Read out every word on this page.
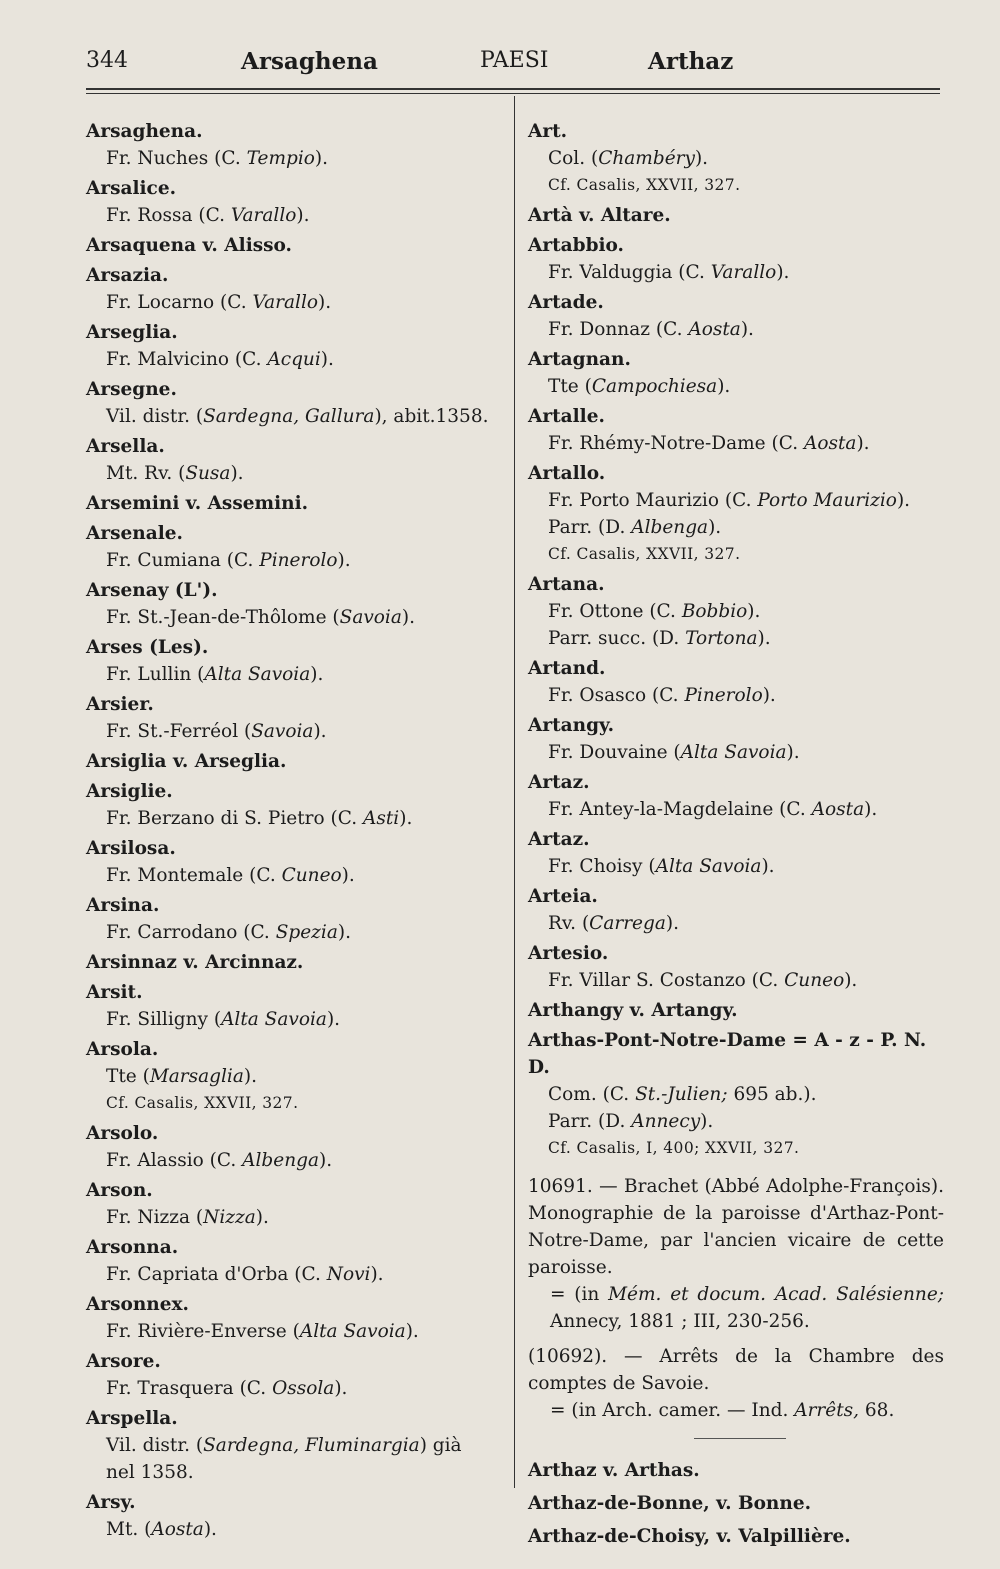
344	Arsaghena	PAESI	Arthaz
Arsaghena.
Fr. Nuches (C. Tempio).
Arsalice.
Fr. Rossa (C. Varallo).
Arsaquena v. Alisso.
Arsazia.
Fr. Locarno (C. Varallo).
Arseglia.
Fr. Malvicino (C. Acqui).
Arsegne.
Vil. distr. (Sardegna, Gallura), abit.1358.
Arsella.
Mt. Rv. (Susa).
Arsemini v. Assemini.
Arsenale.
Fr. Cumiana (C. Pinerolo).
Arsenay (L').
Fr. St.-Jean-de-Thôlome (Savoia).
Arses (Les).
Fr. Lullin (Alta Savoia).
Arsier.
Fr. St.-Ferréol (Savoia).
Arsiglia v. Arseglia.
Arsiglie.
Fr. Berzano di S. Pietro (C. Asti).
Arsilosa.
Fr. Montemale (C. Cuneo).
Arsina.
Fr. Carrodano (C. Spezia).
Arsinnaz v. Arcinnaz.
Arsit.
Fr. Silligny (Alta Savoia).
Arsola.
Tte (Marsaglia).
Cf. Casalis, XXVII, 327.
Arsolo.
Fr. Alassio (C. Albenga).
Arson.
Fr. Nizza (Nizza).
Arsonna.
Fr. Capriata d'Orba (C. Novi).
Arsonnex.
Fr. Rivière-Enverse (Alta Savoia).
Arsore.
Fr. Trasquera (C. Ossola).
Arspella.
Vil. distr. (Sardegna, Fluminargia) già
nel 1358.
Arsy.
Mt. (Aosta).
Art.
Col. (Chambéry).
Cf. Casalis, XXVII, 327.
Artà v. Altare.
Artabbio.
Fr. Valduggia (C. Varallo).
Artade.
Fr. Donnaz (C. Aosta).
Artagnan.
Tte (Campochiesa).
Artalle.
Fr. Rhémy-Notre-Dame (C. Aosta).
Artallo.
Fr. Porto Maurizio (C. Porto Maurizio).
Parr. (D. Albenga).
Cf. Casalis, XXVII, 327.
Artana.
Fr. Ottone (C. Bobbio).
Parr. succ. (D. Tortona).
Artand.
Fr. Osasco (C. Pinerolo).
Artangy.
Fr. Douvaine (Alta Savoia).
Artaz.
Fr. Antey-la-Magdelaine (C. Aosta).
Artaz.
Fr. Choisy (Alta Savoia).
Arteia.
Rv. (Carrega).
Artesio.
Fr. Villar S. Costanzo (C. Cuneo).
Arthangy v. Artangy.
Arthas-Pont-Notre-Dame = A - z - P. N. D.
Com. (C. St.-Julien; 695 ab.).
Parr. (D. Annecy).
Cf. Casalis, I, 400; XXVII, 327.
10691. — Brachet (Abbé Adolphe-François). Monographie de la paroisse d'Arthaz-Pont-Notre-Dame, par l'ancien vicaire de cette paroisse.
= (in Mém. et docum. Acad. Salésienne; Annecy, 1881 ; III, 230-256.
(10692). — Arrêts de la Chambre des comptes de Savoie.
= (in Arch. camer. — Ind. Arrêts, 68.
Arthaz v. Arthas.
Arthaz-de-Bonne, v. Bonne.
Arthaz-de-Choisy, v. Valpillière.
